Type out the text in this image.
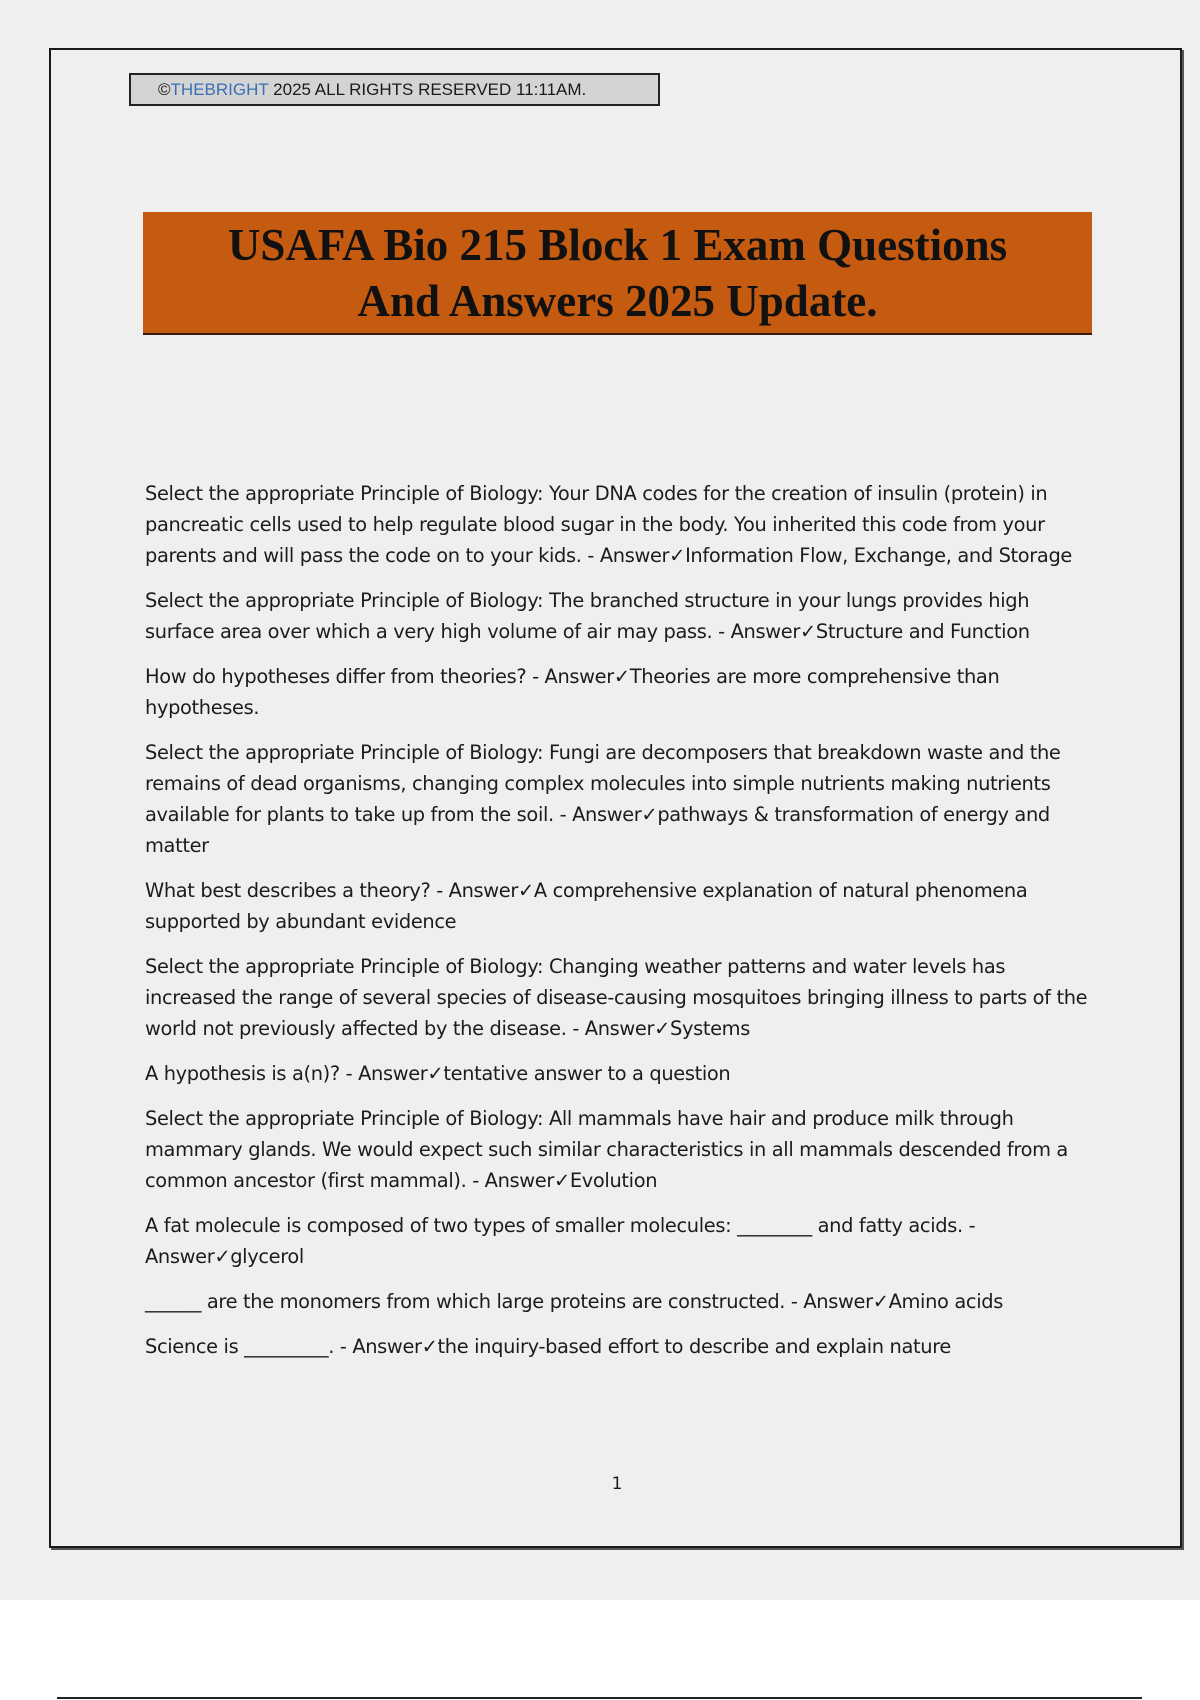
©THEBRIGHT 2025 ALL RIGHTS RESERVED 11:11AM.
USAFA Bio 215 Block 1 Exam Questions
And Answers 2025 Update.

Select the appropriate Principle of Biology: Your DNA codes for the creation of insulin (protein) in pancreatic cells used to help regulate blood sugar in the body. You inherited this code from your parents and will pass the code on to your kids. - Answer✓Information Flow, Exchange, and Storage

Select the appropriate Principle of Biology: The branched structure in your lungs provides high surface area over which a very high volume of air may pass. - Answer✓Structure and Function

How do hypotheses differ from theories? - Answer✓Theories are more comprehensive than hypotheses.

Select the appropriate Principle of Biology: Fungi are decomposers that breakdown waste and the remains of dead organisms, changing complex molecules into simple nutrients making nutrients available for plants to take up from the soil. - Answer✓pathways & transformation of energy and matter

What best describes a theory? - Answer✓A comprehensive explanation of natural phenomena supported by abundant evidence

Select the appropriate Principle of Biology: Changing weather patterns and water levels has increased the range of several species of disease-causing mosquitoes bringing illness to parts of the world not previously affected by the disease. - Answer✓Systems

A hypothesis is a(n)? - Answer✓tentative answer to a question

Select the appropriate Principle of Biology: All mammals have hair and produce milk through mammary glands. We would expect such similar characteristics in all mammals descended from a common ancestor (first mammal). - Answer✓Evolution

A fat molecule is composed of two types of smaller molecules: ________ and fatty acids. - Answer✓glycerol

______ are the monomers from which large proteins are constructed. - Answer✓Amino acids

Science is _________. - Answer✓the inquiry-based effort to describe and explain nature

1
